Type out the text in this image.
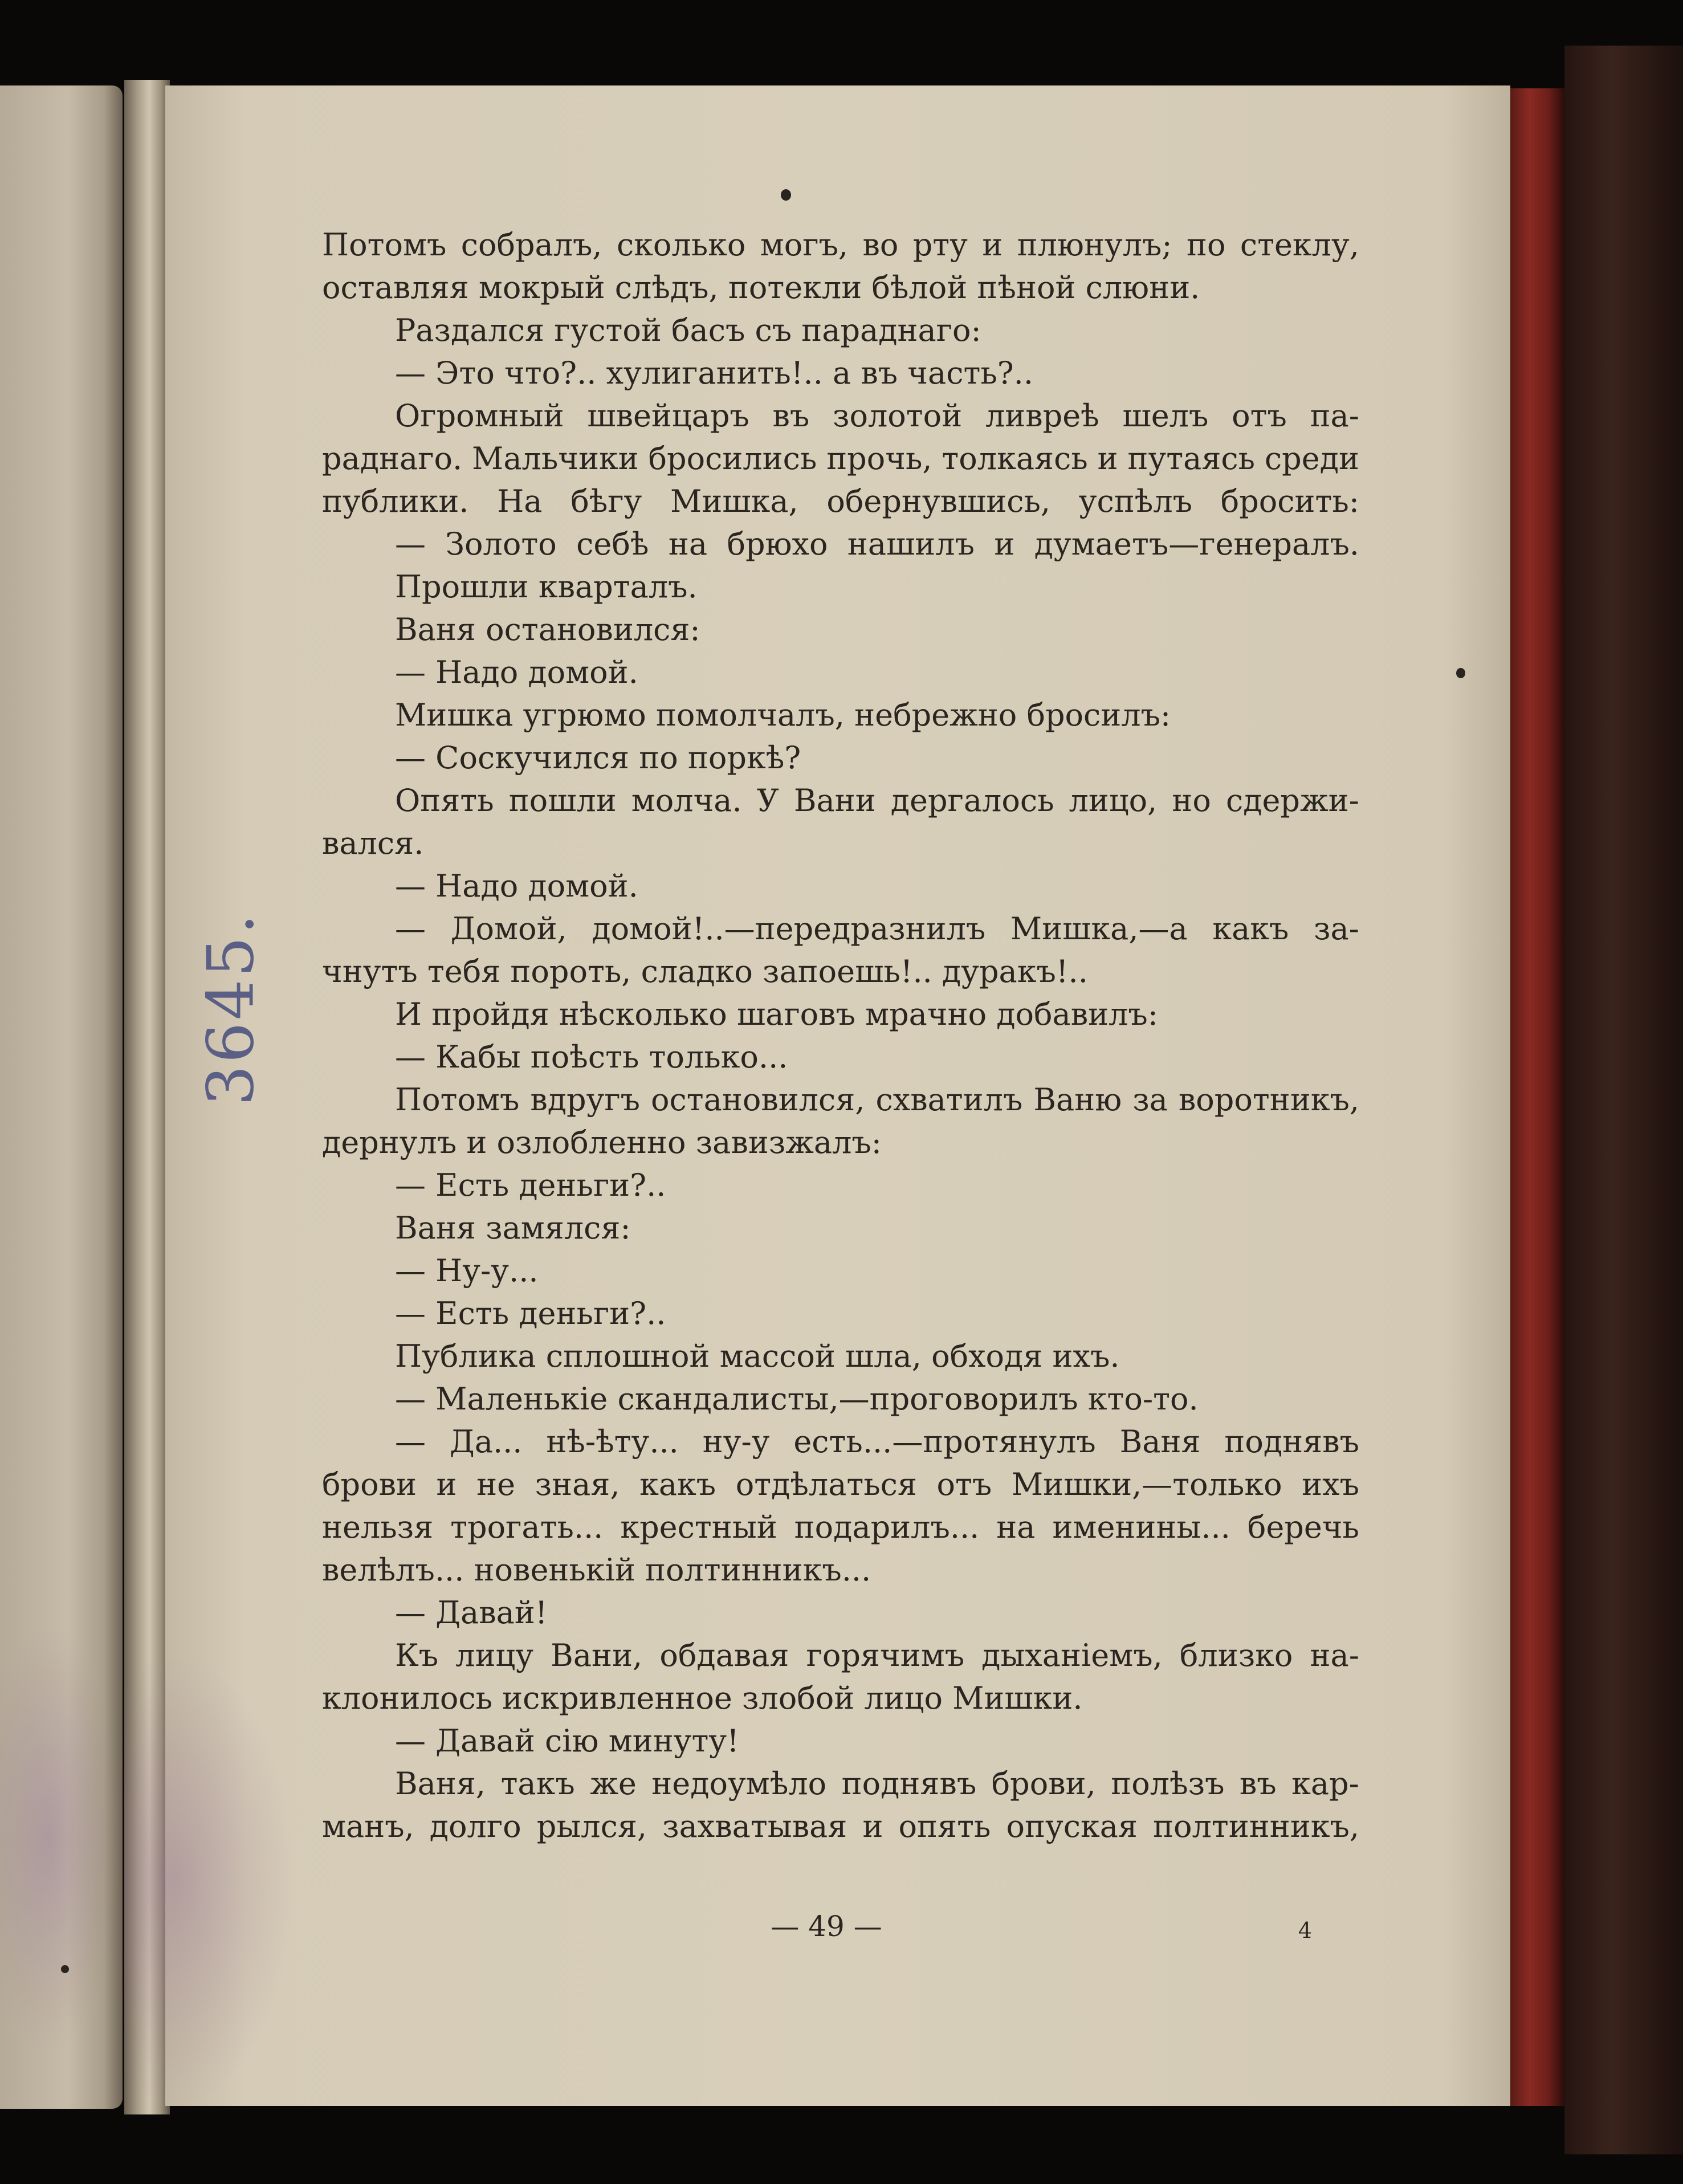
3645.
Потомъ собралъ, сколько могъ, во рту и плюнулъ; по стеклу,
оставляя мокрый слѣдъ, потекли бѣлой пѣной слюни.
Раздался густой басъ съ параднаго:
— Это что?.. хулиганить!.. а въ часть?..
Огромный швейцаръ въ золотой ливреѣ шелъ отъ па-
раднаго. Мальчики бросились прочь, толкаясь и путаясь среди
публики. На бѣгу Мишка, обернувшись, успѣлъ бросить:
— Золото себѣ на брюхо нашилъ и думаетъ—генералъ.
Прошли кварталъ.
Ваня остановился:
— Надо домой.
Мишка угрюмо помолчалъ, небрежно бросилъ:
— Соскучился по поркѣ?
Опять пошли молча. У Вани дергалось лицо, но сдержи-
вался.
— Надо домой.
— Домой, домой!..—передразнилъ Мишка,—а какъ за-
чнутъ тебя пороть, сладко запоешь!.. дуракъ!..
И пройдя нѣсколько шаговъ мрачно добавилъ:
— Кабы поѣсть только...
Потомъ вдругъ остановился, схватилъ Ваню за воротникъ,
дернулъ и озлобленно завизжалъ:
— Есть деньги?..
Ваня замялся:
— Ну-у...
— Есть деньги?..
Публика сплошной массой шла, обходя ихъ.
— Маленькіе скандалисты,—проговорилъ кто-то.
— Да... нѣ-ѣту... ну-у есть...—протянулъ Ваня поднявъ
брови и не зная, какъ отдѣлаться отъ Мишки,—только ихъ
нельзя трогать... крестный подарилъ... на именины... беречь
велѣлъ... новенькій полтинникъ...
— Давай!
Къ лицу Вани, обдавая горячимъ дыханіемъ, близко на-
клонилось искривленное злобой лицо Мишки.
— Давай сію минуту!
Ваня, такъ же недоумѣло поднявъ брови, полѣзъ въ кар-
манъ, долго рылся, захватывая и опять опуская полтинникъ,
— 49 —	4
